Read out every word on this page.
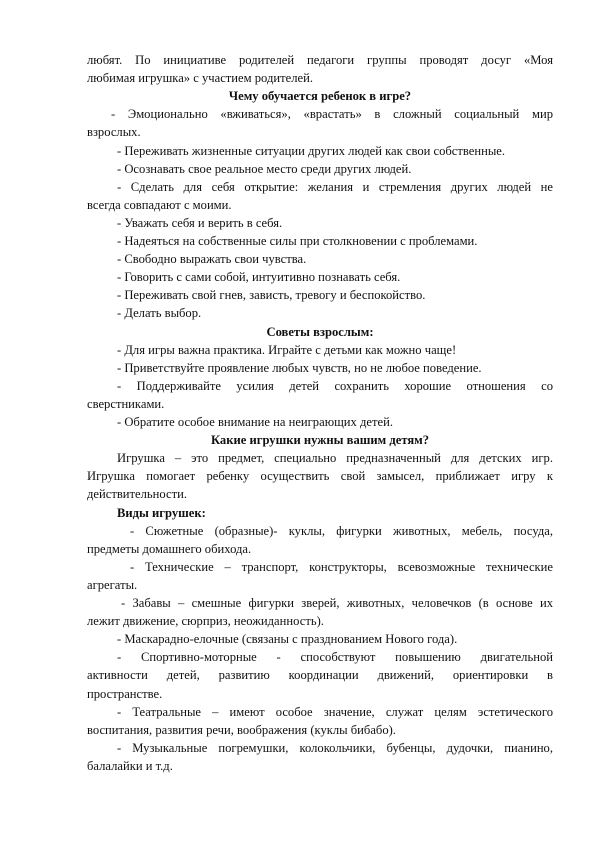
любят. По инициативе родителей педагоги группы проводят досуг «Моя
любимая игрушка» с участием родителей.
Чему обучается ребенок в игре?
- Эмоционально «вживаться», «врастать» в сложный социальный мир
взрослых.
- Переживать жизненные ситуации других людей как свои собственные.
- Осознавать свое реальное место среди других людей.
- Сделать для себя открытие: желания и стремления других людей не
всегда совпадают с моими.
- Уважать себя и верить в себя.
- Надеяться на собственные силы при столкновении с проблемами.
- Свободно выражать свои чувства.
- Говорить с сами собой, интуитивно познавать себя.
- Переживать свой гнев, зависть, тревогу и беспокойство.
- Делать выбор.
Советы взрослым:
- Для игры важна практика. Играйте с детьми как можно чаще!
- Приветствуйте проявление любых чувств, но не любое поведение.
- Поддерживайте усилия детей сохранить хорошие отношения со
сверстниками.
- Обратите особое внимание на неиграющих детей.
Какие игрушки нужны вашим детям?
Игрушка – это предмет, специально предназначенный для детских игр.
Игрушка помогает ребенку осуществить свой замысел, приближает игру к
действительности.
Виды игрушек:
- Сюжетные (образные)- куклы, фигурки животных, мебель, посуда,
предметы домашнего обихода.
- Технические – транспорт, конструкторы, всевозможные технические
агрегаты.
- Забавы – смешные фигурки зверей, животных, человечков (в основе их
лежит движение, сюрприз, неожиданность).
- Маскарадно-елочные (связаны с празднованием Нового года).
- Спортивно-моторные - способствуют повышению двигательной
активности детей, развитию координации движений, ориентировки в
пространстве.
- Театральные – имеют особое значение, служат целям эстетического
воспитания, развития речи, воображения (куклы бибабо).
- Музыкальные погремушки, колокольчики, бубенцы, дудочки, пианино,
балалайки и т.д.
